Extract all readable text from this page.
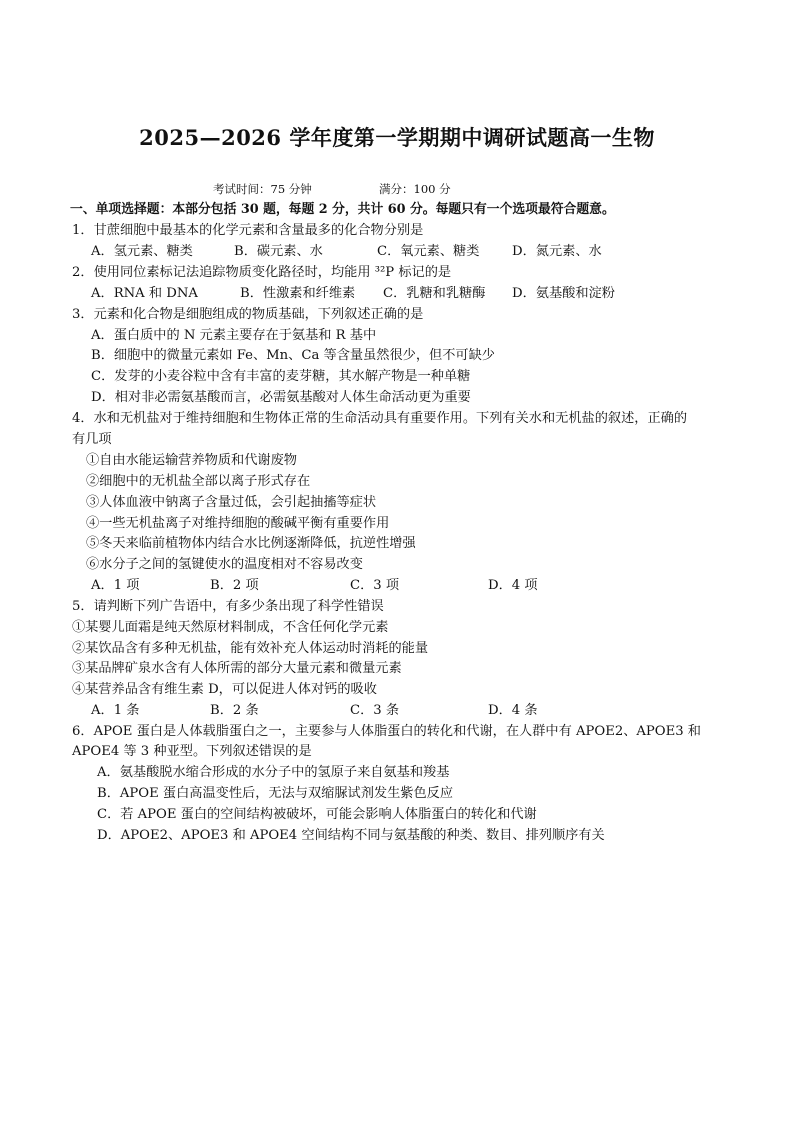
2025—2026 学年度第一学期期中调研试题高一生物
考试时间：75 分钟	满分：100 分
一、单项选择题：本部分包括 30 题，每题 2 分，共计 60 分。每题只有一个选项最符合题意。
1．甘蔗细胞中最基本的化学元素和含量最多的化合物分别是
A．氢元素、糖类	B．碳元素、水	C．氧元素、糖类 D．氮元素、水
2．使用同位素标记法追踪物质变化路径时，均能用 ³²P 标记的是
A．RNA 和 DNA	B．性激素和纤维素 C．乳糖和乳糖酶 D．氨基酸和淀粉
3．元素和化合物是细胞组成的物质基础，下列叙述正确的是
A．蛋白质中的 N 元素主要存在于氨基和 R 基中
B．细胞中的微量元素如 Fe、Mn、Ca 等含量虽然很少，但不可缺少
C．发芽的小麦谷粒中含有丰富的麦芽糖，其水解产物是一种单糖
D．相对非必需氨基酸而言，必需氨基酸对人体生命活动更为重要
4．水和无机盐对于维持细胞和生物体正常的生命活动具有重要作用。下列有关水和无机盐的叙述，正确的
有几项
①自由水能运输营养物质和代谢废物
②细胞中的无机盐全部以离子形式存在
③人体血液中钠离子含量过低，会引起抽搐等症状
④一些无机盐离子对维持细胞的酸碱平衡有重要作用
⑤冬天来临前植物体内结合水比例逐渐降低，抗逆性增强
⑥水分子之间的氢键使水的温度相对不容易改变
A．1 项	B．2 项	C．3 项	D．4 项
5．请判断下列广告语中，有多少条出现了科学性错误
①某婴儿面霜是纯天然原材料制成，不含任何化学元素
②某饮品含有多种无机盐，能有效补充人体运动时消耗的能量
③某品牌矿泉水含有人体所需的部分大量元素和微量元素
④某营养品含有维生素 D，可以促进人体对钙的吸收
A．1 条	B．2 条	C．3 条	D．4 条
6．APOE 蛋白是人体载脂蛋白之一，主要参与人体脂蛋白的转化和代谢，在人群中有 APOE2、APOE3 和
APOE4 等 3 种亚型。下列叙述错误的是
A．氨基酸脱水缩合形成的水分子中的氢原子来自氨基和羧基
B．APOE 蛋白高温变性后，无法与双缩脲试剂发生紫色反应
C．若 APOE 蛋白的空间结构被破坏，可能会影响人体脂蛋白的转化和代谢
D．APOE2、APOE3 和 APOE4 空间结构不同与氨基酸的种类、数目、排列顺序有关
